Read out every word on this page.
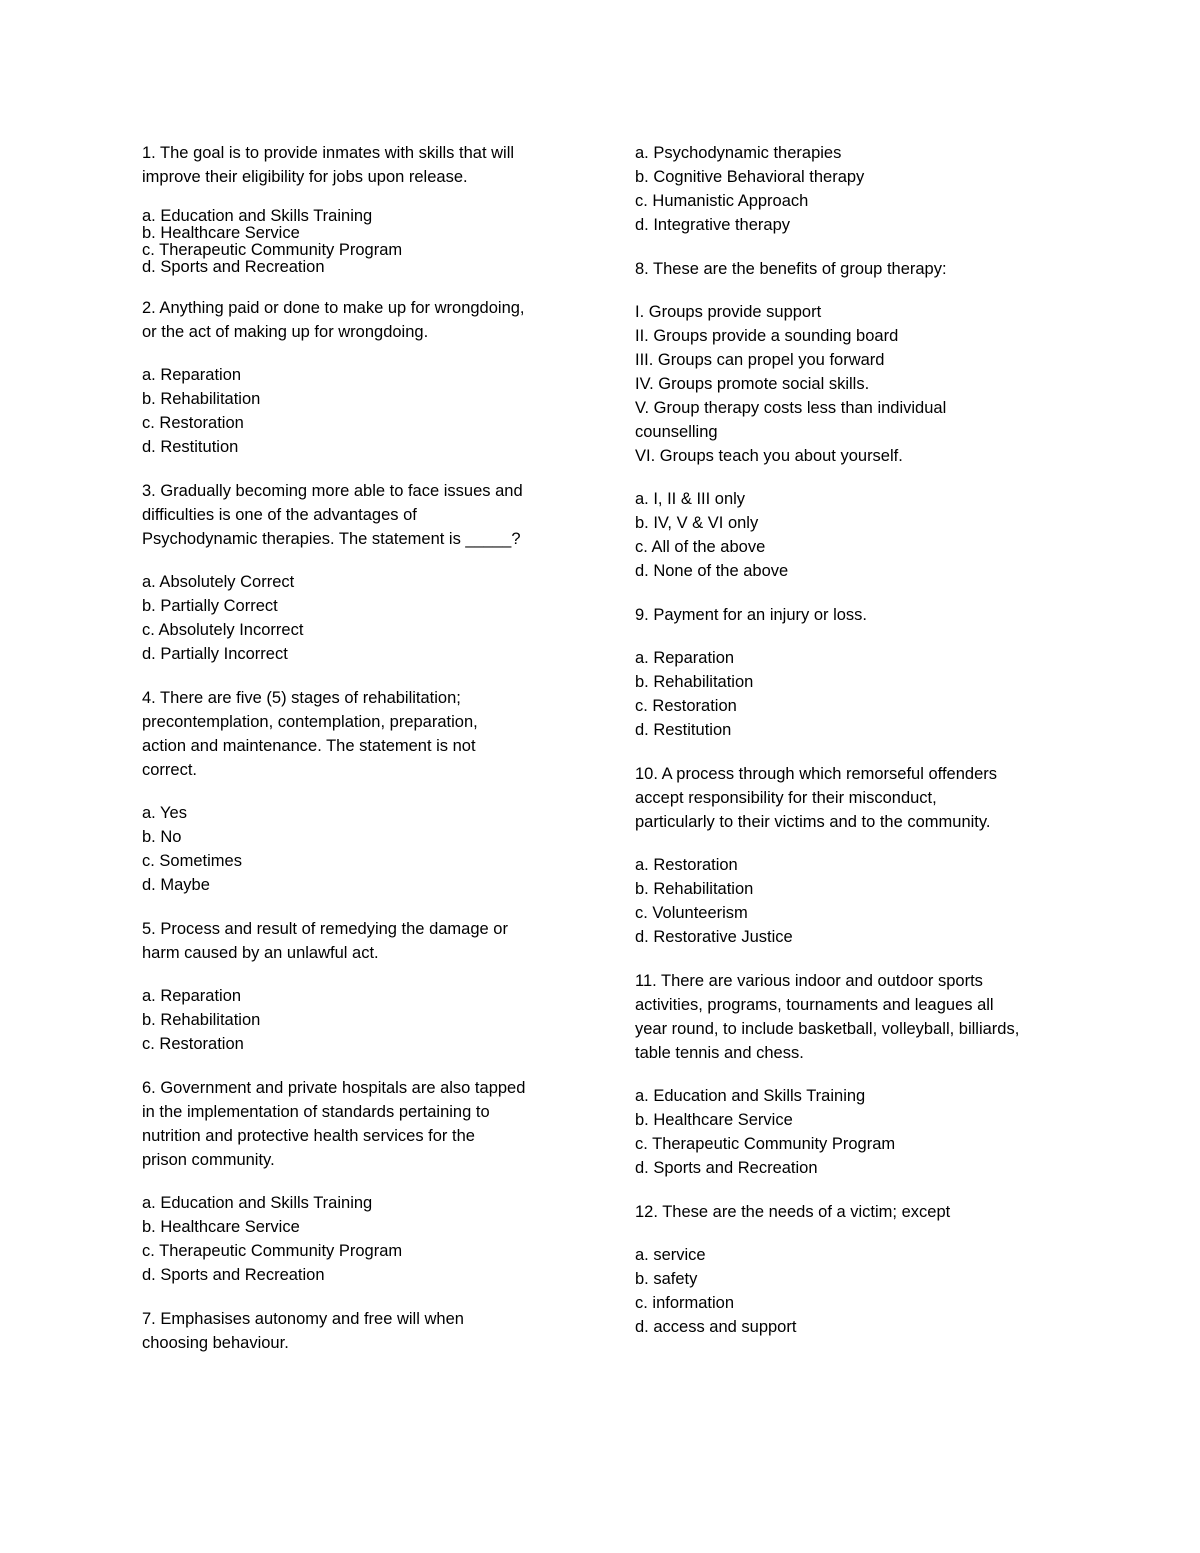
1. The goal is to provide inmates with skills that will
improve their eligibility for jobs upon release.
a. Education and Skills Training
b. Healthcare Service
c. Therapeutic Community Program
d. Sports and Recreation
2. Anything paid or done to make up for wrongdoing,
or the act of making up for wrongdoing.
a. Reparation
b. Rehabilitation
c. Restoration
d. Restitution
3. Gradually becoming more able to face issues and
difficulties is one of the advantages of
Psychodynamic therapies. The statement is _____?
a. Absolutely Correct
b. Partially Correct
c. Absolutely Incorrect
d. Partially Incorrect
4. There are five (5) stages of rehabilitation;
precontemplation, contemplation, preparation,
action and maintenance. The statement is not
correct.
a. Yes
b. No
c. Sometimes
d. Maybe
5. Process and result of remedying the damage or
harm caused by an unlawful act.
a. Reparation
b. Rehabilitation
c. Restoration
6. Government and private hospitals are also tapped
in the implementation of standards pertaining to
nutrition and protective health services for the
prison community.
a. Education and Skills Training
b. Healthcare Service
c. Therapeutic Community Program
d. Sports and Recreation
7. Emphasises autonomy and free will when
choosing behaviour.
a. Psychodynamic therapies
b. Cognitive Behavioral therapy
c. Humanistic Approach
d. Integrative therapy
8. These are the benefits of group therapy:
I. Groups provide support
II. Groups provide a sounding board
III. Groups can propel you forward
IV. Groups promote social skills.
V. Group therapy costs less than individual
counselling
VI. Groups teach you about yourself.
a. I, II & III only
b. IV, V & VI only
c. All of the above
d. None of the above
9. Payment for an injury or loss.
a. Reparation
b. Rehabilitation
c. Restoration
d. Restitution
10. A process through which remorseful offenders
accept responsibility for their misconduct,
particularly to their victims and to the community.
a. Restoration
b. Rehabilitation
c. Volunteerism
d. Restorative Justice
11. There are various indoor and outdoor sports
activities, programs, tournaments and leagues all
year round, to include basketball, volleyball, billiards,
table tennis and chess.
a. Education and Skills Training
b. Healthcare Service
c. Therapeutic Community Program
d. Sports and Recreation
12. These are the needs of a victim; except
a. service
b. safety
c. information
d. access and support
